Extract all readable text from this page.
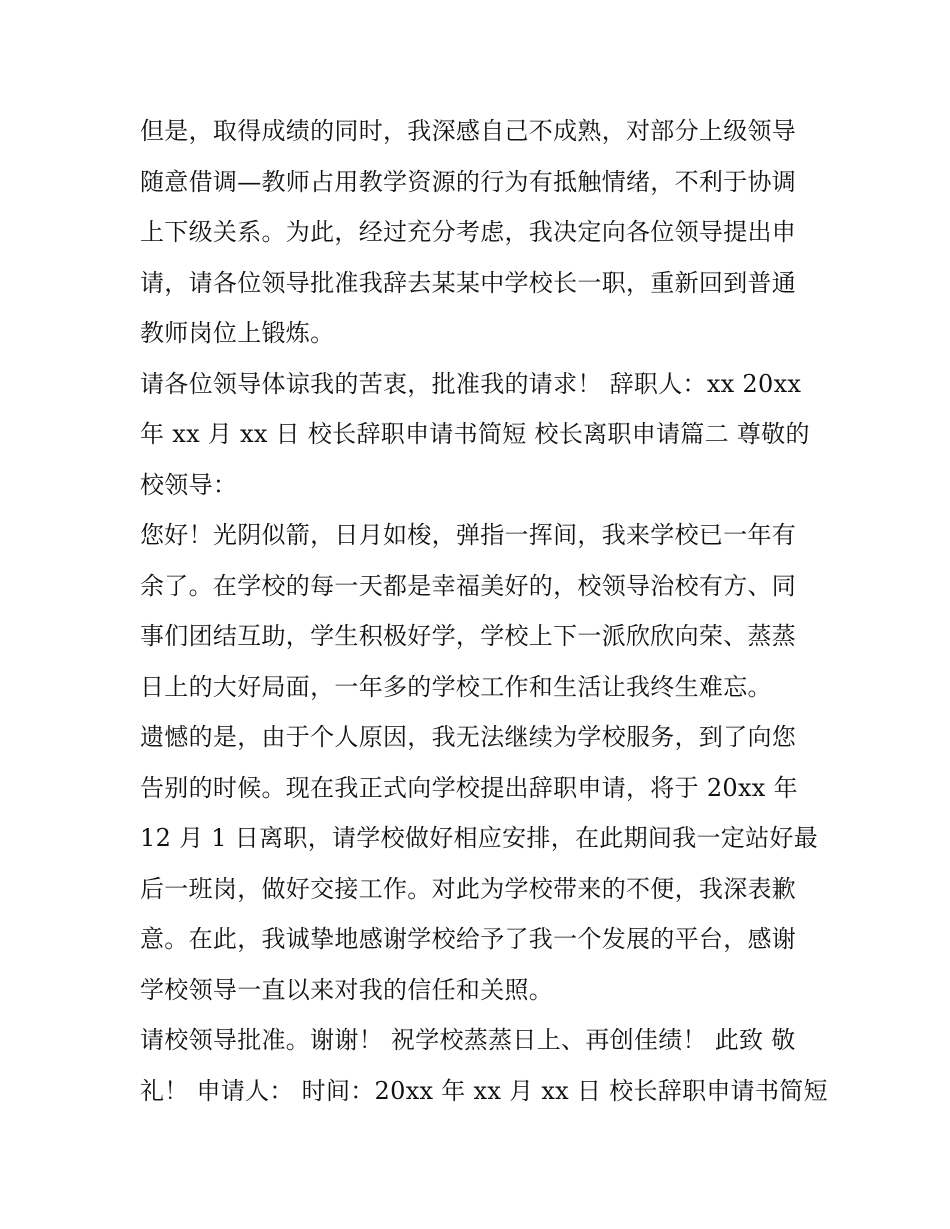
但是，取得成绩的同时，我深感自己不成熟，对部分上级领导
随意借调—教师占用教学资源的行为有抵触情绪，不利于协调
上下级关系。为此，经过充分考虑，我决定向各位领导提出申
请，请各位领导批准我辞去某某中学校长一职，重新回到普通
教师岗位上锻炼。
请各位领导体谅我的苦衷，批准我的请求！ 辞职人：xx 20xx
年 xx 月 xx 日 校长辞职申请书简短 校长离职申请篇二 尊敬的
校领导：
您好！光阴似箭，日月如梭，弹指一挥间，我来学校已一年有
余了。在学校的每一天都是幸福美好的，校领导治校有方、同
事们团结互助，学生积极好学，学校上下一派欣欣向荣、蒸蒸
日上的大好局面，一年多的学校工作和生活让我终生难忘。
遗憾的是，由于个人原因，我无法继续为学校服务，到了向您
告别的时候。现在我正式向学校提出辞职申请，将于 20xx 年
12 月 1 日离职，请学校做好相应安排，在此期间我一定站好最
后一班岗，做好交接工作。对此为学校带来的不便，我深表歉
意。在此，我诚挚地感谢学校给予了我一个发展的平台，感谢
学校领导一直以来对我的信任和关照。
请校领导批准。谢谢！ 祝学校蒸蒸日上、再创佳绩！ 此致 敬
礼！ 申请人： 时间：20xx 年 xx 月 xx 日 校长辞职申请书简短
